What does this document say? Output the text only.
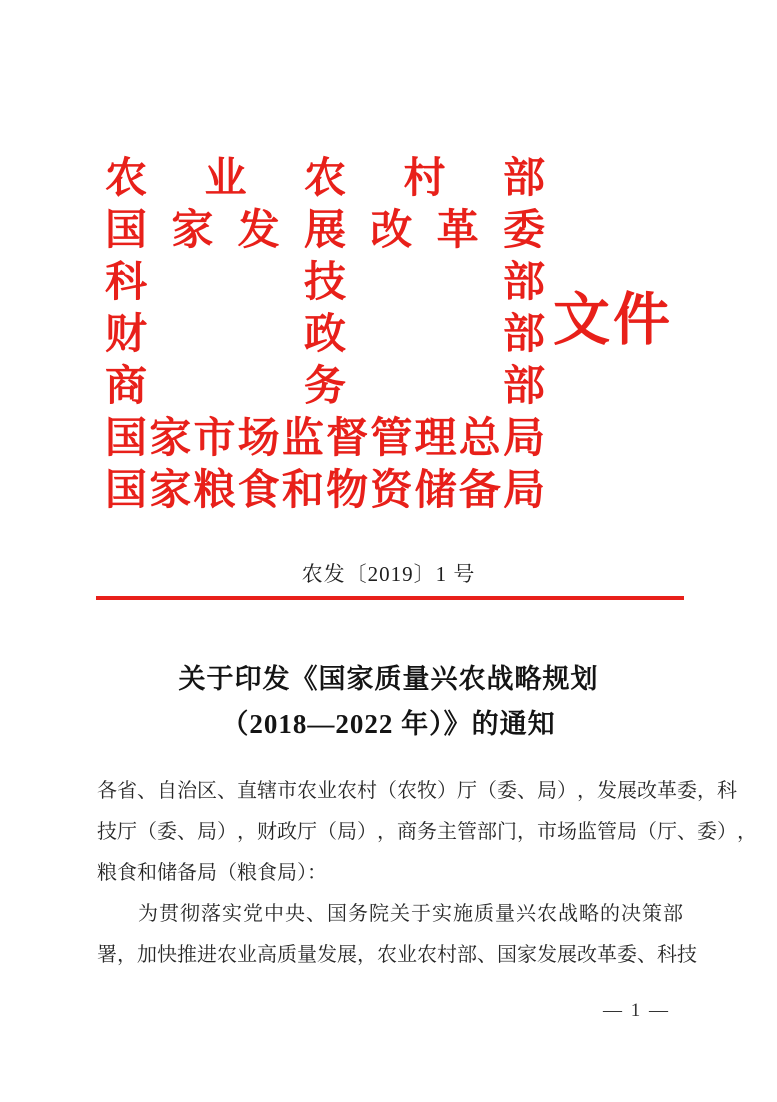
农 业 农 村 部
国 家 发 展 改 革 委
科	技	部
财	政	部
商	务	部
国 家 市 场 监 督 管 理 总 局
国 家 粮 食 和 物 资 储 备 局
文件
农发〔2019〕1 号
关于印发《国家质量兴农战略规划
（2018—2022 年）》的通知
各 省 、 自 治 区 、 直 辖 市 农 业 农 村 （ 农 牧 ） 厅 （ 委 、 局 ） ， 发 展 改 革 委 ， 科
技 厅 （ 委 、 局 ） ， 财 政 厅 （ 局 ） ， 商 务 主 管 部 门 ， 市 场 监 管 局 （ 厅 、 委 ） ，
粮食和储备局（粮食局）：
为 贯 彻 落 实 党 中 央 、 国 务 院 关 于 实 施 质 量 兴 农 战 略 的 决 策 部
署 ， 加 快 推 进 农 业 高 质 量 发 展 ， 农 业 农 村 部 、 国 家 发 展 改 革 委 、 科 技
— 1 —
